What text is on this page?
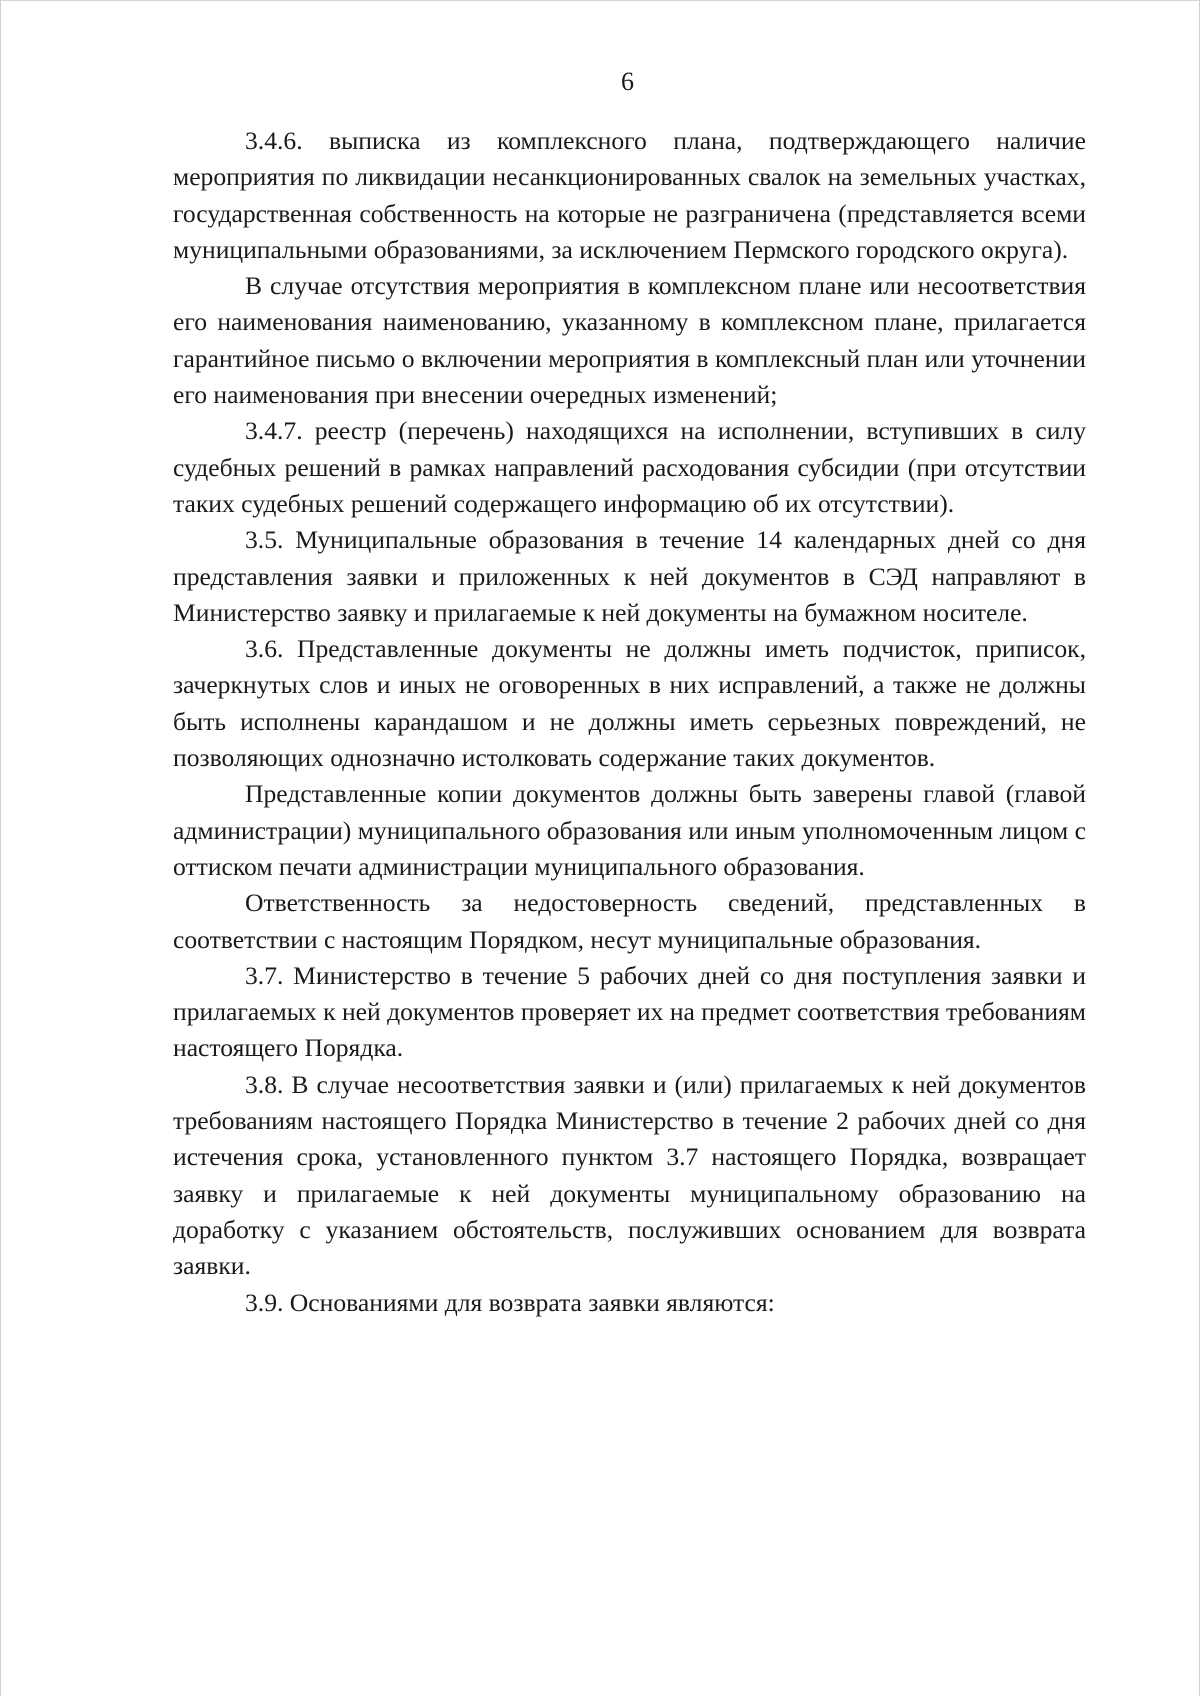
6

3.4.6. выписка из комплексного плана, подтверждающего наличие мероприятия по ликвидации несанкционированных свалок на земельных участках, государственная собственность на которые не разграничена (представляется всеми муниципальными образованиями, за исключением Пермского городского округа).

В случае отсутствия мероприятия в комплексном плане или несоответствия его наименования наименованию, указанному в комплексном плане, прилагается гарантийное письмо о включении мероприятия в комплексный план или уточнении его наименования при внесении очередных изменений;

3.4.7. реестр (перечень) находящихся на исполнении, вступивших в силу судебных решений в рамках направлений расходования субсидии (при отсутствии таких судебных решений содержащего информацию об их отсутствии).

3.5. Муниципальные образования в течение 14 календарных дней со дня представления заявки и приложенных к ней документов в СЭД направляют в Министерство заявку и прилагаемые к ней документы на бумажном носителе.

3.6. Представленные документы не должны иметь подчисток, приписок, зачеркнутых слов и иных не оговоренных в них исправлений, а также не должны быть исполнены карандашом и не должны иметь серьезных повреждений, не позволяющих однозначно истолковать содержание таких документов.

Представленные копии документов должны быть заверены главой (главой администрации) муниципального образования или иным уполномоченным лицом с оттиском печати администрации муниципального образования.

Ответственность за недостоверность сведений, представленных в соответствии с настоящим Порядком, несут муниципальные образования.

3.7. Министерство в течение 5 рабочих дней со дня поступления заявки и прилагаемых к ней документов проверяет их на предмет соответствия требованиям настоящего Порядка.

3.8. В случае несоответствия заявки и (или) прилагаемых к ней документов требованиям настоящего Порядка Министерство в течение 2 рабочих дней со дня истечения срока, установленного пунктом 3.7 настоящего Порядка, возвращает заявку и прилагаемые к ней документы муниципальному образованию на доработку с указанием обстоятельств, послуживших основанием для возврата заявки.

3.9. Основаниями для возврата заявки являются:
